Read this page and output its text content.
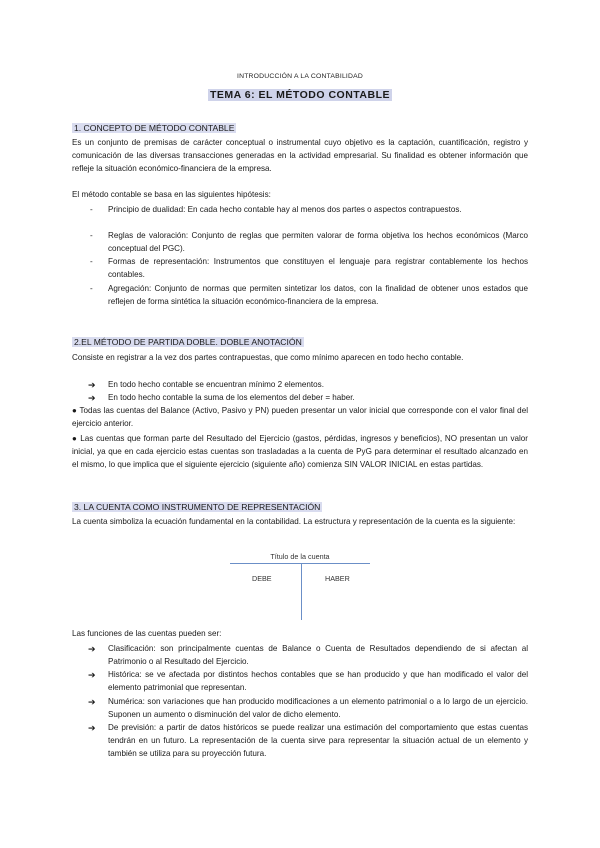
INTRODUCCIÓN A LA CONTABILIDAD
TEMA 6: EL MÉTODO CONTABLE
1. CONCEPTO DE MÉTODO CONTABLE

Es un conjunto de premisas de carácter conceptual o instrumental cuyo objetivo es la captación, cuantificación, registro y comunicación de las diversas transacciones generadas en la actividad empresarial. Su finalidad es obtener información que refleje la situación económico-financiera de la empresa.

El método contable se basa en las siguientes hipótesis:

- Principio de dualidad: En cada hecho contable hay al menos dos partes o aspectos contrapuestos.

- Reglas de valoración: Conjunto de reglas que permiten valorar de forma objetiva los hechos económicos (Marco conceptual del PGC).

- Formas de representación: Instrumentos que constituyen el lenguaje para registrar contablemente los hechos contables.

- Agregación: Conjunto de normas que permiten sintetizar los datos, con la finalidad de obtener unos estados que reflejen de forma sintética la situación económico-financiera de la empresa.

2.EL MÉTODO DE PARTIDA DOBLE. DOBLE ANOTACIÓN

Consiste en registrar a la vez dos partes contrapuestas, que como mínimo aparecen en todo hecho contable.

➔ En todo hecho contable se encuentran mínimo 2 elementos.

➔ En todo hecho contable la suma de los elementos del deber = haber.

● Todas las cuentas del Balance (Activo, Pasivo y PN) pueden presentar un valor inicial que corresponde con el valor final del ejercicio anterior.

● Las cuentas que forman parte del Resultado del Ejercicio (gastos, pérdidas, ingresos y beneficios), NO presentan un valor inicial, ya que en cada ejercicio estas cuentas son trasladadas a la cuenta de PyG para determinar el resultado alcanzado en el mismo, lo que implica que el siguiente ejercicio (siguiente año) comienza SIN VALOR INICIAL en estas partidas.

3. LA CUENTA COMO INSTRUMENTO DE REPRESENTACIÓN

La cuenta simboliza la ecuación fundamental en la contabilidad. La estructura y representación de la cuenta es la siguiente:

Título de la cuenta
DEBE	HABER

Las funciones de las cuentas pueden ser:

➔ Clasificación: son principalmente cuentas de Balance o Cuenta de Resultados dependiendo de si afectan al Patrimonio o al Resultado del Ejercicio.

➔ Histórica: se ve afectada por distintos hechos contables que se han producido y que han modificado el valor del elemento patrimonial que representan.

➔ Numérica: son variaciones que han producido modificaciones a un elemento patrimonial o a lo largo de un ejercicio. Suponen un aumento o disminución del valor de dicho elemento.

➔ De previsión: a partir de datos históricos se puede realizar una estimación del comportamiento que estas cuentas tendrán en un futuro. La representación de la cuenta sirve para representar la situación actual de un elemento y también se utiliza para su proyección futura.
